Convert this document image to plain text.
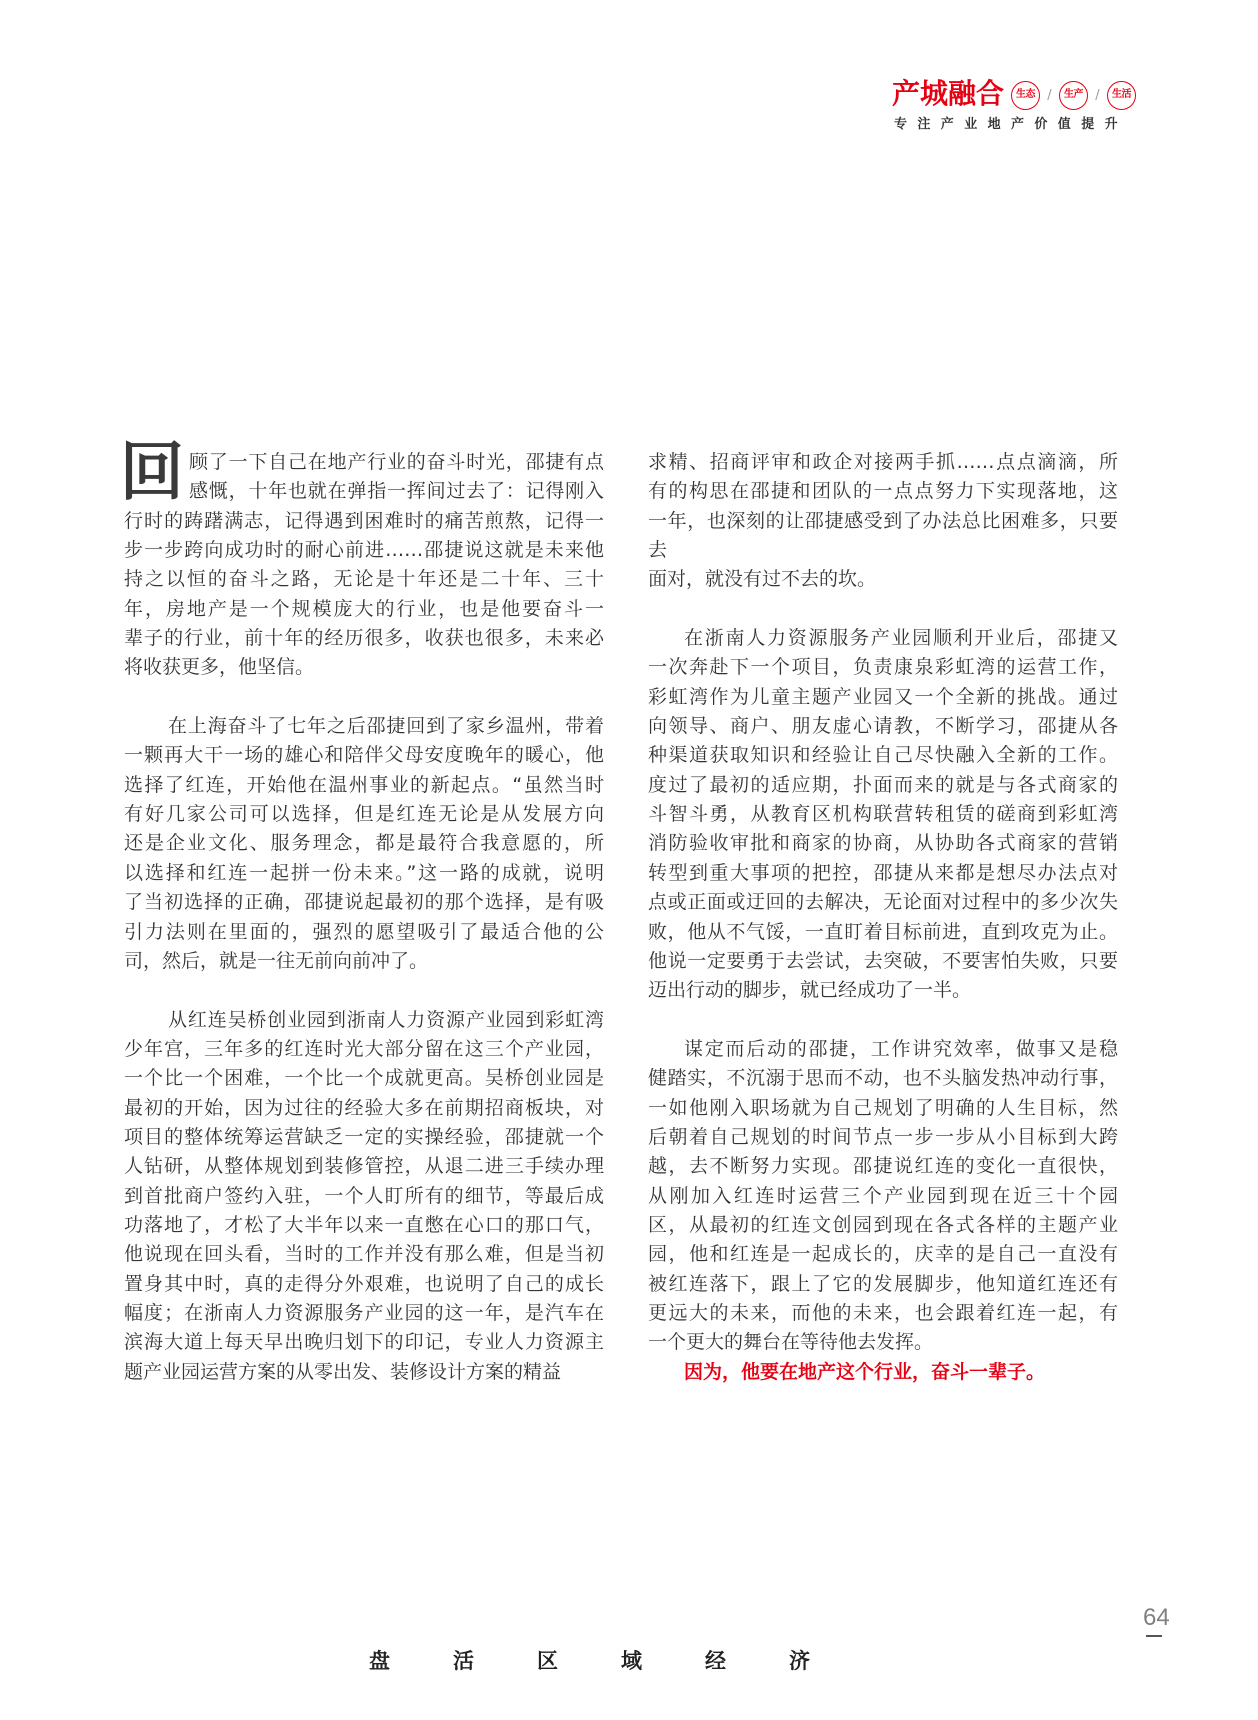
产城融合	生态 /	生产 /	生活
专注产业地产价值提升
回 顾了一下自己在地产行业的奋斗时光，邵捷有点
感慨，十年也就在弹指一挥间过去了：记得刚入
行时的踌躇满志，记得遇到困难时的痛苦煎熬，记得一
步一步跨向成功时的耐心前进……邵捷说这就是未来他
持之以恒的奋斗之路，无论是十年还是二十年、三十
年，房地产是一个规模庞大的行业，也是他要奋斗一
辈子的行业，前十年的经历很多，收获也很多，未来必
将收获更多，他坚信。
在上海奋斗了七年之后邵捷回到了家乡温州，带着
一颗再大干一场的雄心和陪伴父母安度晚年的暖心，他
选择了红连，开始他在温州事业的新起点。“虽然当时
有好几家公司可以选择，但是红连无论是从发展方向
还是企业文化、服务理念，都是最符合我意愿的，所
以选择和红连一起拼一份未来。”这一路的成就，说明
了当初选择的正确，邵捷说起最初的那个选择，是有吸
引力法则在里面的，强烈的愿望吸引了最适合他的公
司，然后，就是一往无前向前冲了。
从红连吴桥创业园到浙南人力资源产业园到彩虹湾
少年宫，三年多的红连时光大部分留在这三个产业园，
一个比一个困难，一个比一个成就更高。吴桥创业园是
最初的开始，因为过往的经验大多在前期招商板块，对
项目的整体统筹运营缺乏一定的实操经验，邵捷就一个
人钻研，从整体规划到装修管控，从退二进三手续办理
到首批商户签约入驻，一个人盯所有的细节，等最后成
功落地了，才松了大半年以来一直憋在心口的那口气，
他说现在回头看，当时的工作并没有那么难，但是当初
置身其中时，真的走得分外艰难，也说明了自己的成长
幅度；在浙南人力资源服务产业园的这一年，是汽车在
滨海大道上每天早出晚归划下的印记，专业人力资源主
题产业园运营方案的从零出发、装修设计方案的精益
求精、招商评审和政企对接两手抓……点点滴滴，所
有的构思在邵捷和团队的一点点努力下实现落地，这
一年，也深刻的让邵捷感受到了办法总比困难多，只要去
面对，就没有过不去的坎。
在浙南人力资源服务产业园顺利开业后，邵捷又
一次奔赴下一个项目，负责康泉彩虹湾的运营工作，
彩虹湾作为儿童主题产业园又一个全新的挑战。通过
向领导、商户、朋友虚心请教，不断学习，邵捷从各
种渠道获取知识和经验让自己尽快融入全新的工作。
度过了最初的适应期，扑面而来的就是与各式商家的
斗智斗勇，从教育区机构联营转租赁的磋商到彩虹湾
消防验收审批和商家的协商，从协助各式商家的营销
转型到重大事项的把控，邵捷从来都是想尽办法点对
点或正面或迂回的去解决，无论面对过程中的多少次失
败，他从不气馁，一直盯着目标前进，直到攻克为止。
他说一定要勇于去尝试，去突破，不要害怕失败，只要
迈出行动的脚步，就已经成功了一半。
谋定而后动的邵捷，工作讲究效率，做事又是稳
健踏实，不沉溺于思而不动，也不头脑发热冲动行事，
一如他刚入职场就为自己规划了明确的人生目标，然
后朝着自己规划的时间节点一步一步从小目标到大跨
越，去不断努力实现。邵捷说红连的变化一直很快，
从刚加入红连时运营三个产业园到现在近三十个园
区，从最初的红连文创园到现在各式各样的主题产业
园，他和红连是一起成长的，庆幸的是自己一直没有
被红连落下，跟上了它的发展脚步，他知道红连还有
更远大的未来，而他的未来，也会跟着红连一起，有
一个更大的舞台在等待他去发挥。
因为，他要在地产这个行业，奋斗一辈子。
64
盘活区域经济
